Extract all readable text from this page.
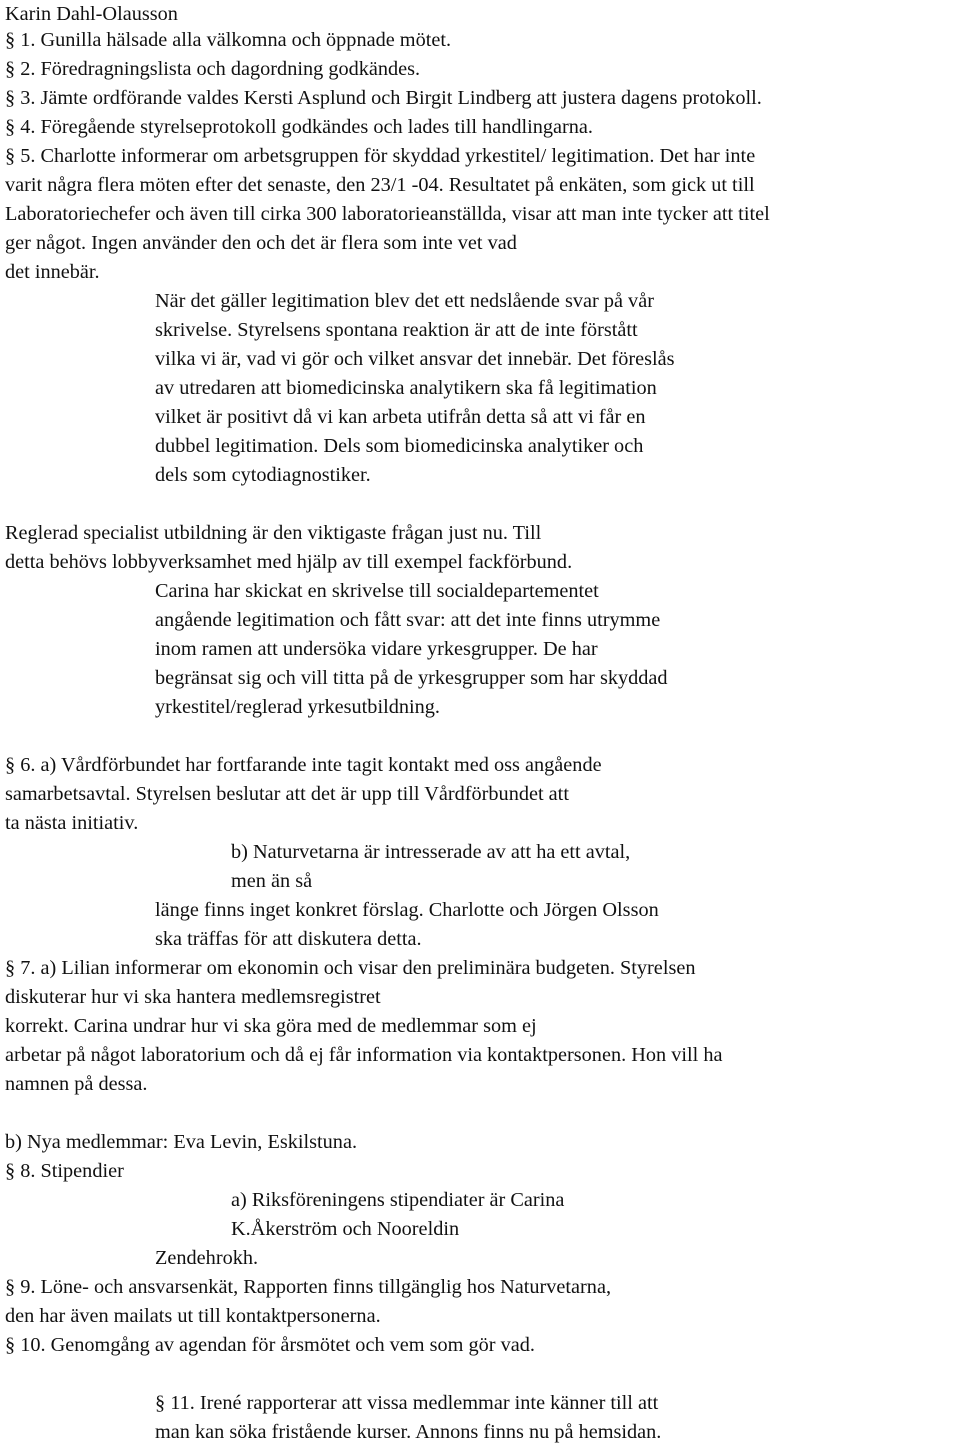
Karin Dahl-Olausson
§ 1. Gunilla hälsade alla välkomna och öppnade mötet.
§ 2. Föredragningslista och dagordning godkändes.
§ 3. Jämte ordförande valdes Kersti Asplund och Birgit Lindberg att justera dagens protokoll.
§ 4. Föregående styrelseprotokoll godkändes och lades till handlingarna.
§ 5. Charlotte informerar om arbetsgruppen för skyddad yrkestitel/ legitimation. Det har inte
varit några flera möten efter det senaste, den 23/1 -04. Resultatet på enkäten, som gick ut till
Laboratoriechefer och även till cirka 300 laboratorieanställda, visar att man inte tycker att titel
ger något. Ingen använder den och det är flera som inte vet vad
det innebär.
När det gäller legitimation blev det ett nedslående svar på vår
skrivelse. Styrelsens spontana reaktion är att de inte förstått
vilka vi är, vad vi gör och vilket ansvar det innebär. Det föreslås
av utredaren att biomedicinska analytikern ska få legitimation
vilket är positivt då vi kan arbeta utifrån detta så att vi får en
dubbel legitimation. Dels som biomedicinska analytiker och
dels som cytodiagnostiker.
Reglerad specialist utbildning är den viktigaste frågan just nu. Till
detta behövs lobbyverksamhet med hjälp av till exempel fackförbund.
Carina har skickat en skrivelse till socialdepartementet
angående legitimation och fått svar: att det inte finns utrymme
inom ramen att undersöka vidare yrkesgrupper. De har
begränsat sig och vill titta på de yrkesgrupper som har skyddad
yrkestitel/reglerad yrkesutbildning.
§ 6. a) Vårdförbundet har fortfarande inte tagit kontakt med oss angående
samarbetsavtal. Styrelsen beslutar att det är upp till Vårdförbundet att
ta nästa initiativ.
b) Naturvetarna är intresserade av att ha ett avtal,
men än så
länge finns inget konkret förslag. Charlotte och Jörgen Olsson
ska träffas för att diskutera detta.
§ 7. a) Lilian informerar om ekonomin och visar den preliminära budgeten. Styrelsen
diskuterar hur vi ska hantera medlemsregistret
korrekt. Carina undrar hur vi ska göra med de medlemmar som ej
arbetar på något laboratorium och då ej får information via kontaktpersonen. Hon vill ha
namnen på dessa.
b) Nya medlemmar: Eva Levin, Eskilstuna.
§ 8. Stipendier
a) Riksföreningens stipendiater är Carina
K.Åkerström och Nooreldin
Zendehrokh.
§ 9. Löne- och ansvarsenkät, Rapporten finns tillgänglig hos Naturvetarna,
den har även mailats ut till kontaktpersonerna.
§ 10. Genomgång av agendan för årsmötet och vem som gör vad.
§ 11. Irené rapporterar att vissa medlemmar inte känner till att
man kan söka fristående kurser. Annons finns nu på hemsidan.
